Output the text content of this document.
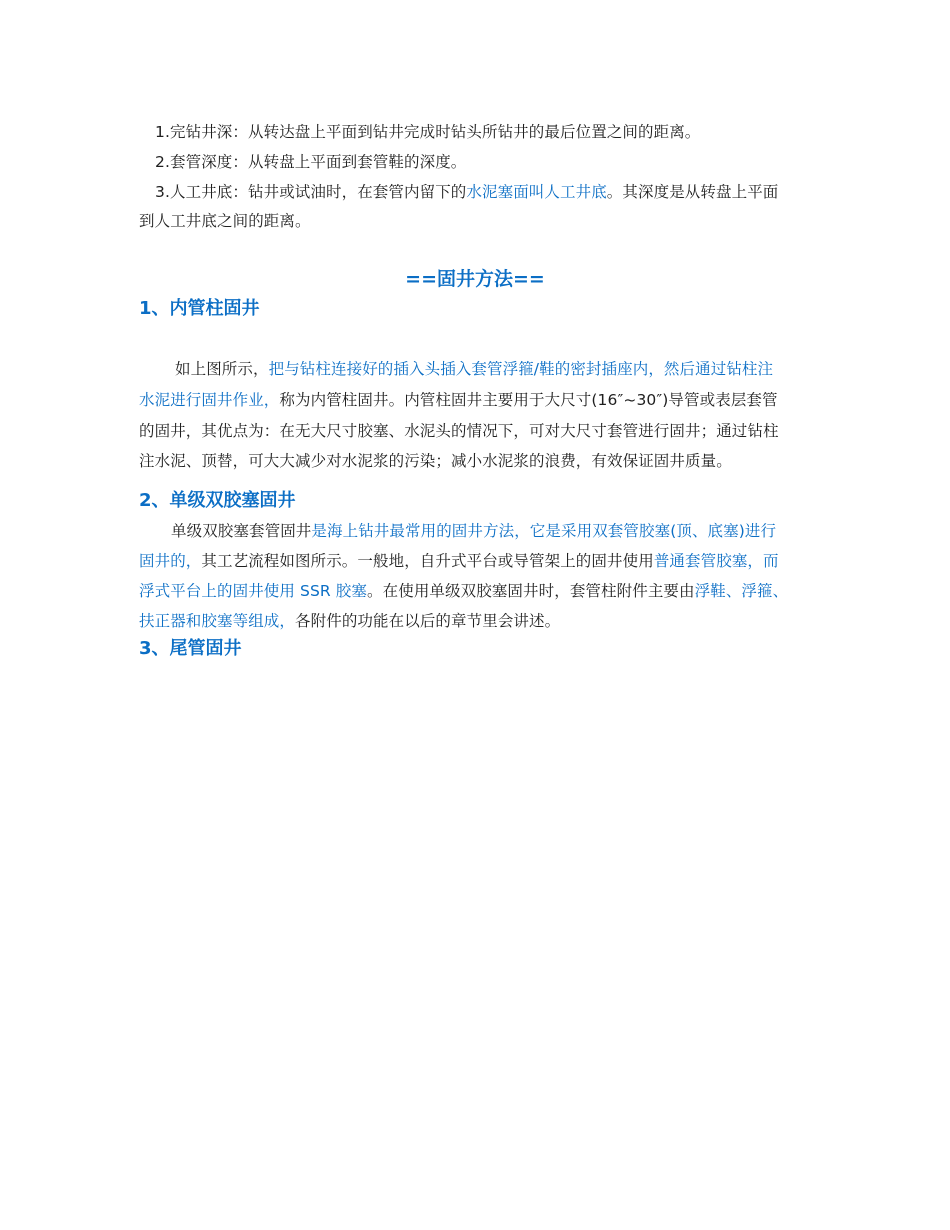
1.完钻井深：从转达盘上平面到钻井完成时钻头所钻井的最后位置之间的距离。
2.套管深度：从转盘上平面到套管鞋的深度。
3.人工井底：钻井或试油时，在套管内留下的水泥塞面叫人工井底。其深度是从转盘上平面
到人工井底之间的距离。
==固井方法==
1、内管柱固井
如上图所示，把与钻柱连接好的插入头插入套管浮箍/鞋的密封插座内，然后通过钻柱注
水泥进行固井作业，称为内管柱固井。内管柱固井主要用于大尺寸(16″~30″)导管或表层套管
的固井，其优点为：在无大尺寸胶塞、水泥头的情况下，可对大尺寸套管进行固井；通过钻柱
注水泥、顶替，可大大减少对水泥浆的污染；减小水泥浆的浪费，有效保证固井质量。
2、单级双胶塞固井
单级双胶塞套管固井是海上钻井最常用的固井方法，它是采用双套管胶塞(顶、底塞)进行
固井的，其工艺流程如图所示。一般地，自升式平台或导管架上的固井使用普通套管胶塞，而
浮式平台上的固井使用 SSR 胶塞。在使用单级双胶塞固井时，套管柱附件主要由浮鞋、浮箍、
扶正器和胶塞等组成，各附件的功能在以后的章节里会讲述。
3、尾管固井
